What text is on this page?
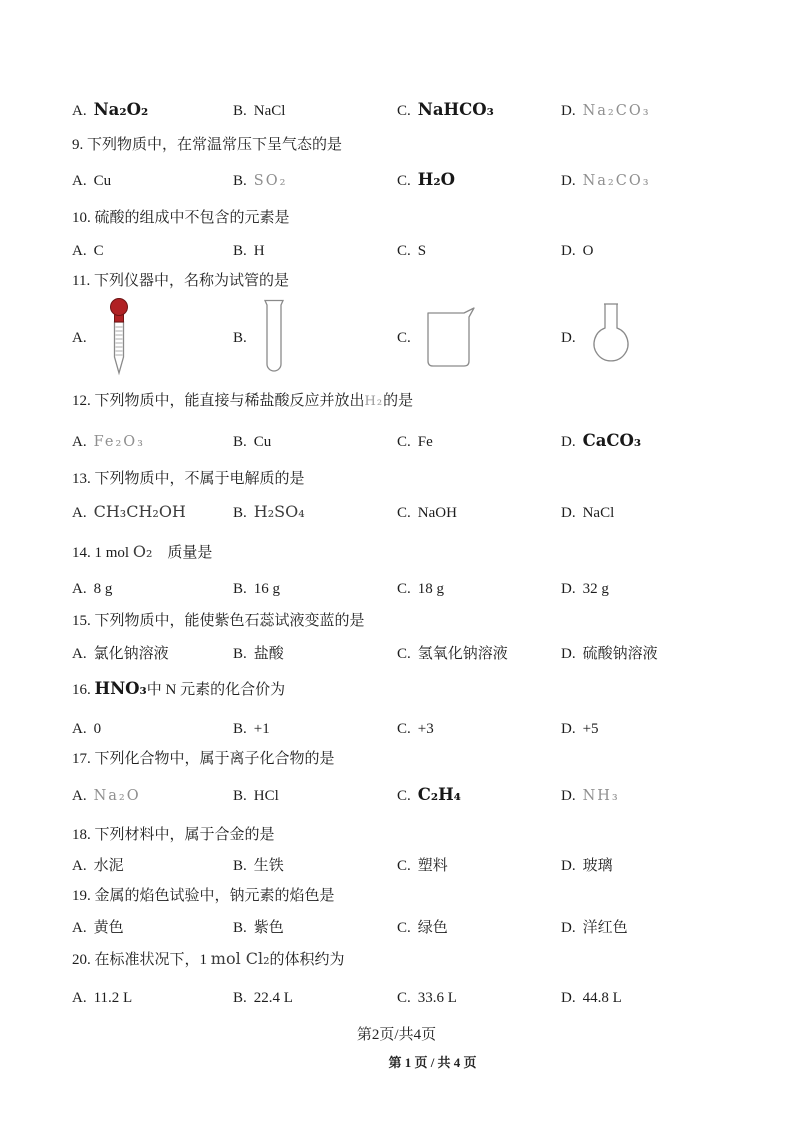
A. Na₂O₂	B. NaCl	C. NaHCO₃	D. Na₂CO₃
9. 下列物质中，在常温常压下呈气态的是
A. Cu	B. SO₂	C. H₂O	D. Na₂CO₃
10. 硫酸的组成中不包含的元素是
A. C	B. H	C. S	D. O
11. 下列仪器中，名称为试管的是
A.	B.	C.	D.
12. 下列物质中，能直接与稀盐酸反应并放出H₂的是
A. Fe₂O₃	B. Cu	C. Fe	D. CaCO₃
13. 下列物质中，不属于电解质的是
A. CH₃CH₂OH	B. H₂SO₄	C. NaOH	D. NaCl
14. 1 mol O₂　质量是
A. 8 g	B. 16 g	C. 18 g	D. 32 g
15. 下列物质中，能使紫色石蕊试液变蓝的是
A. 氯化钠溶液	B. 盐酸	C. 氢氧化钠溶液	D. 硫酸钠溶液
16. HNO₃中 N 元素的化合价为
A. 0	B. +1	C. +3	D. +5
17. 下列化合物中，属于离子化合物的是
A. Na₂O	B. HCl	C. C₂H₄	D. NH₃
18. 下列材料中，属于合金的是
A. 水泥	B. 生铁	C. 塑料	D. 玻璃
19. 金属的焰色试验中，钠元素的焰色是
A. 黄色	B. 紫色	C. 绿色	D. 洋红色
20. 在标准状况下，1 mol Cl₂的体积约为
A. 11.2 L	B. 22.4 L	C. 33.6 L	D. 44.8 L
第2页/共4页
第 1 页 / 共 4 页
